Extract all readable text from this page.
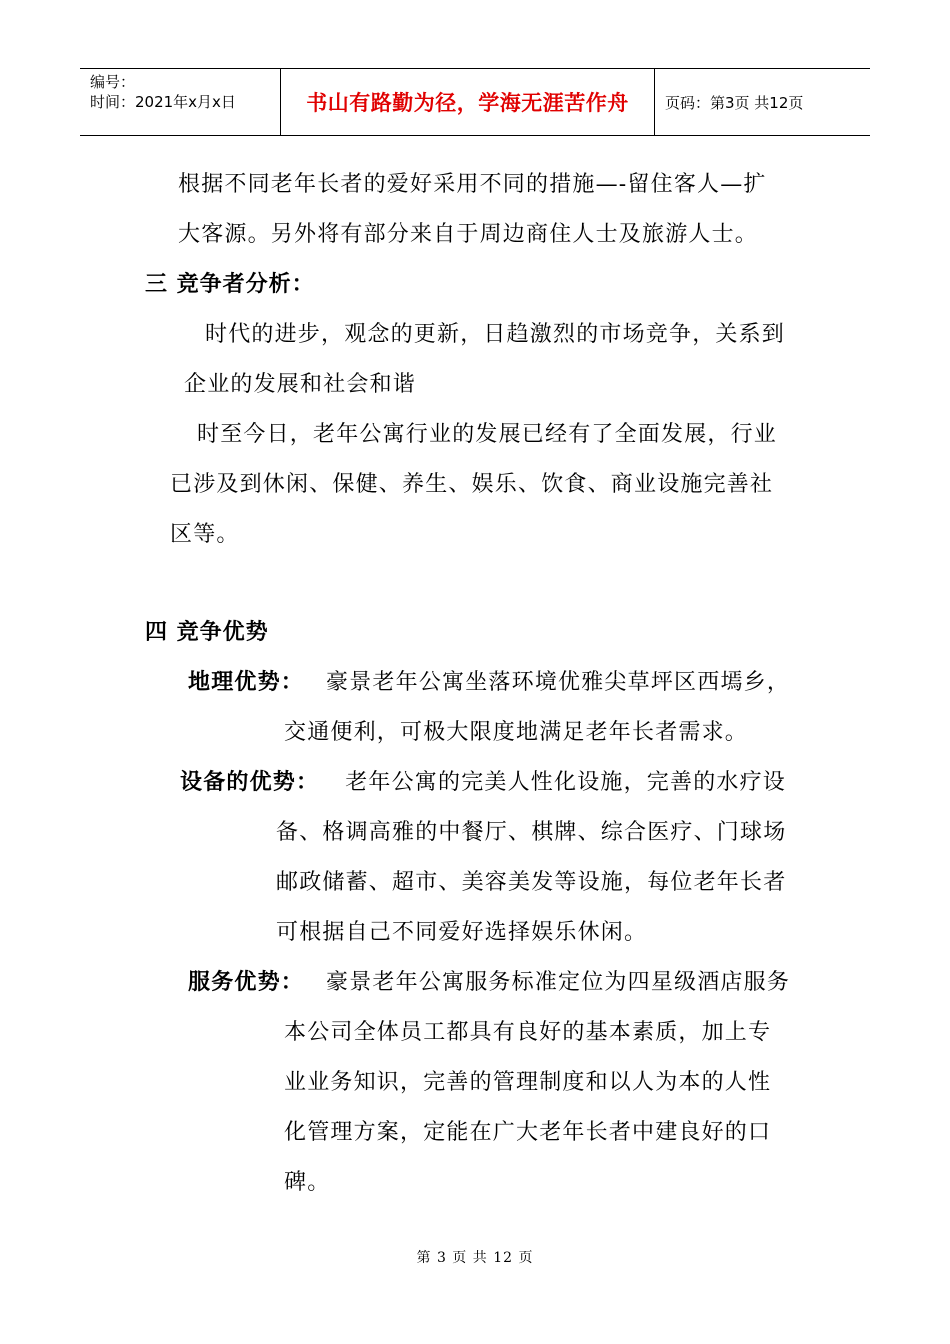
编号：
时间：2021年x月x日	书山有路勤为径，学海无涯苦作舟 页码：第3页 共12页
根据不同老年长者的爱好采用不同的措施—-留住客人—扩
大客源。另外将有部分来自于周边商住人士及旅游人士。
三 竞争者分析：
时代的进步，观念的更新，日趋激烈的市场竞争，关系到
企业的发展和社会和谐
时至今日，老年公寓行业的发展已经有了全面发展，行业
已涉及到休闲、保健、养生、娱乐、饮食、商业设施完善社
区等。
四 竞争优势
地理优势： 豪景老年公寓坐落环境优雅尖草坪区西墕乡，
交通便利，可极大限度地满足老年长者需求。
设备的优势： 老年公寓的完美人性化设施，完善的水疗设
备、格调高雅的中餐厅、棋牌、综合医疗、门球场
邮政储蓄、超市、美容美发等设施，每位老年长者
可根据自己不同爱好选择娱乐休闲。
服务优势： 豪景老年公寓服务标准定位为四星级酒店服务
本公司全体员工都具有良好的基本素质，加上专
业业务知识，完善的管理制度和以人为本的人性
化管理方案，定能在广大老年长者中建良好的口
碑。
第 3 页 共 12 页
